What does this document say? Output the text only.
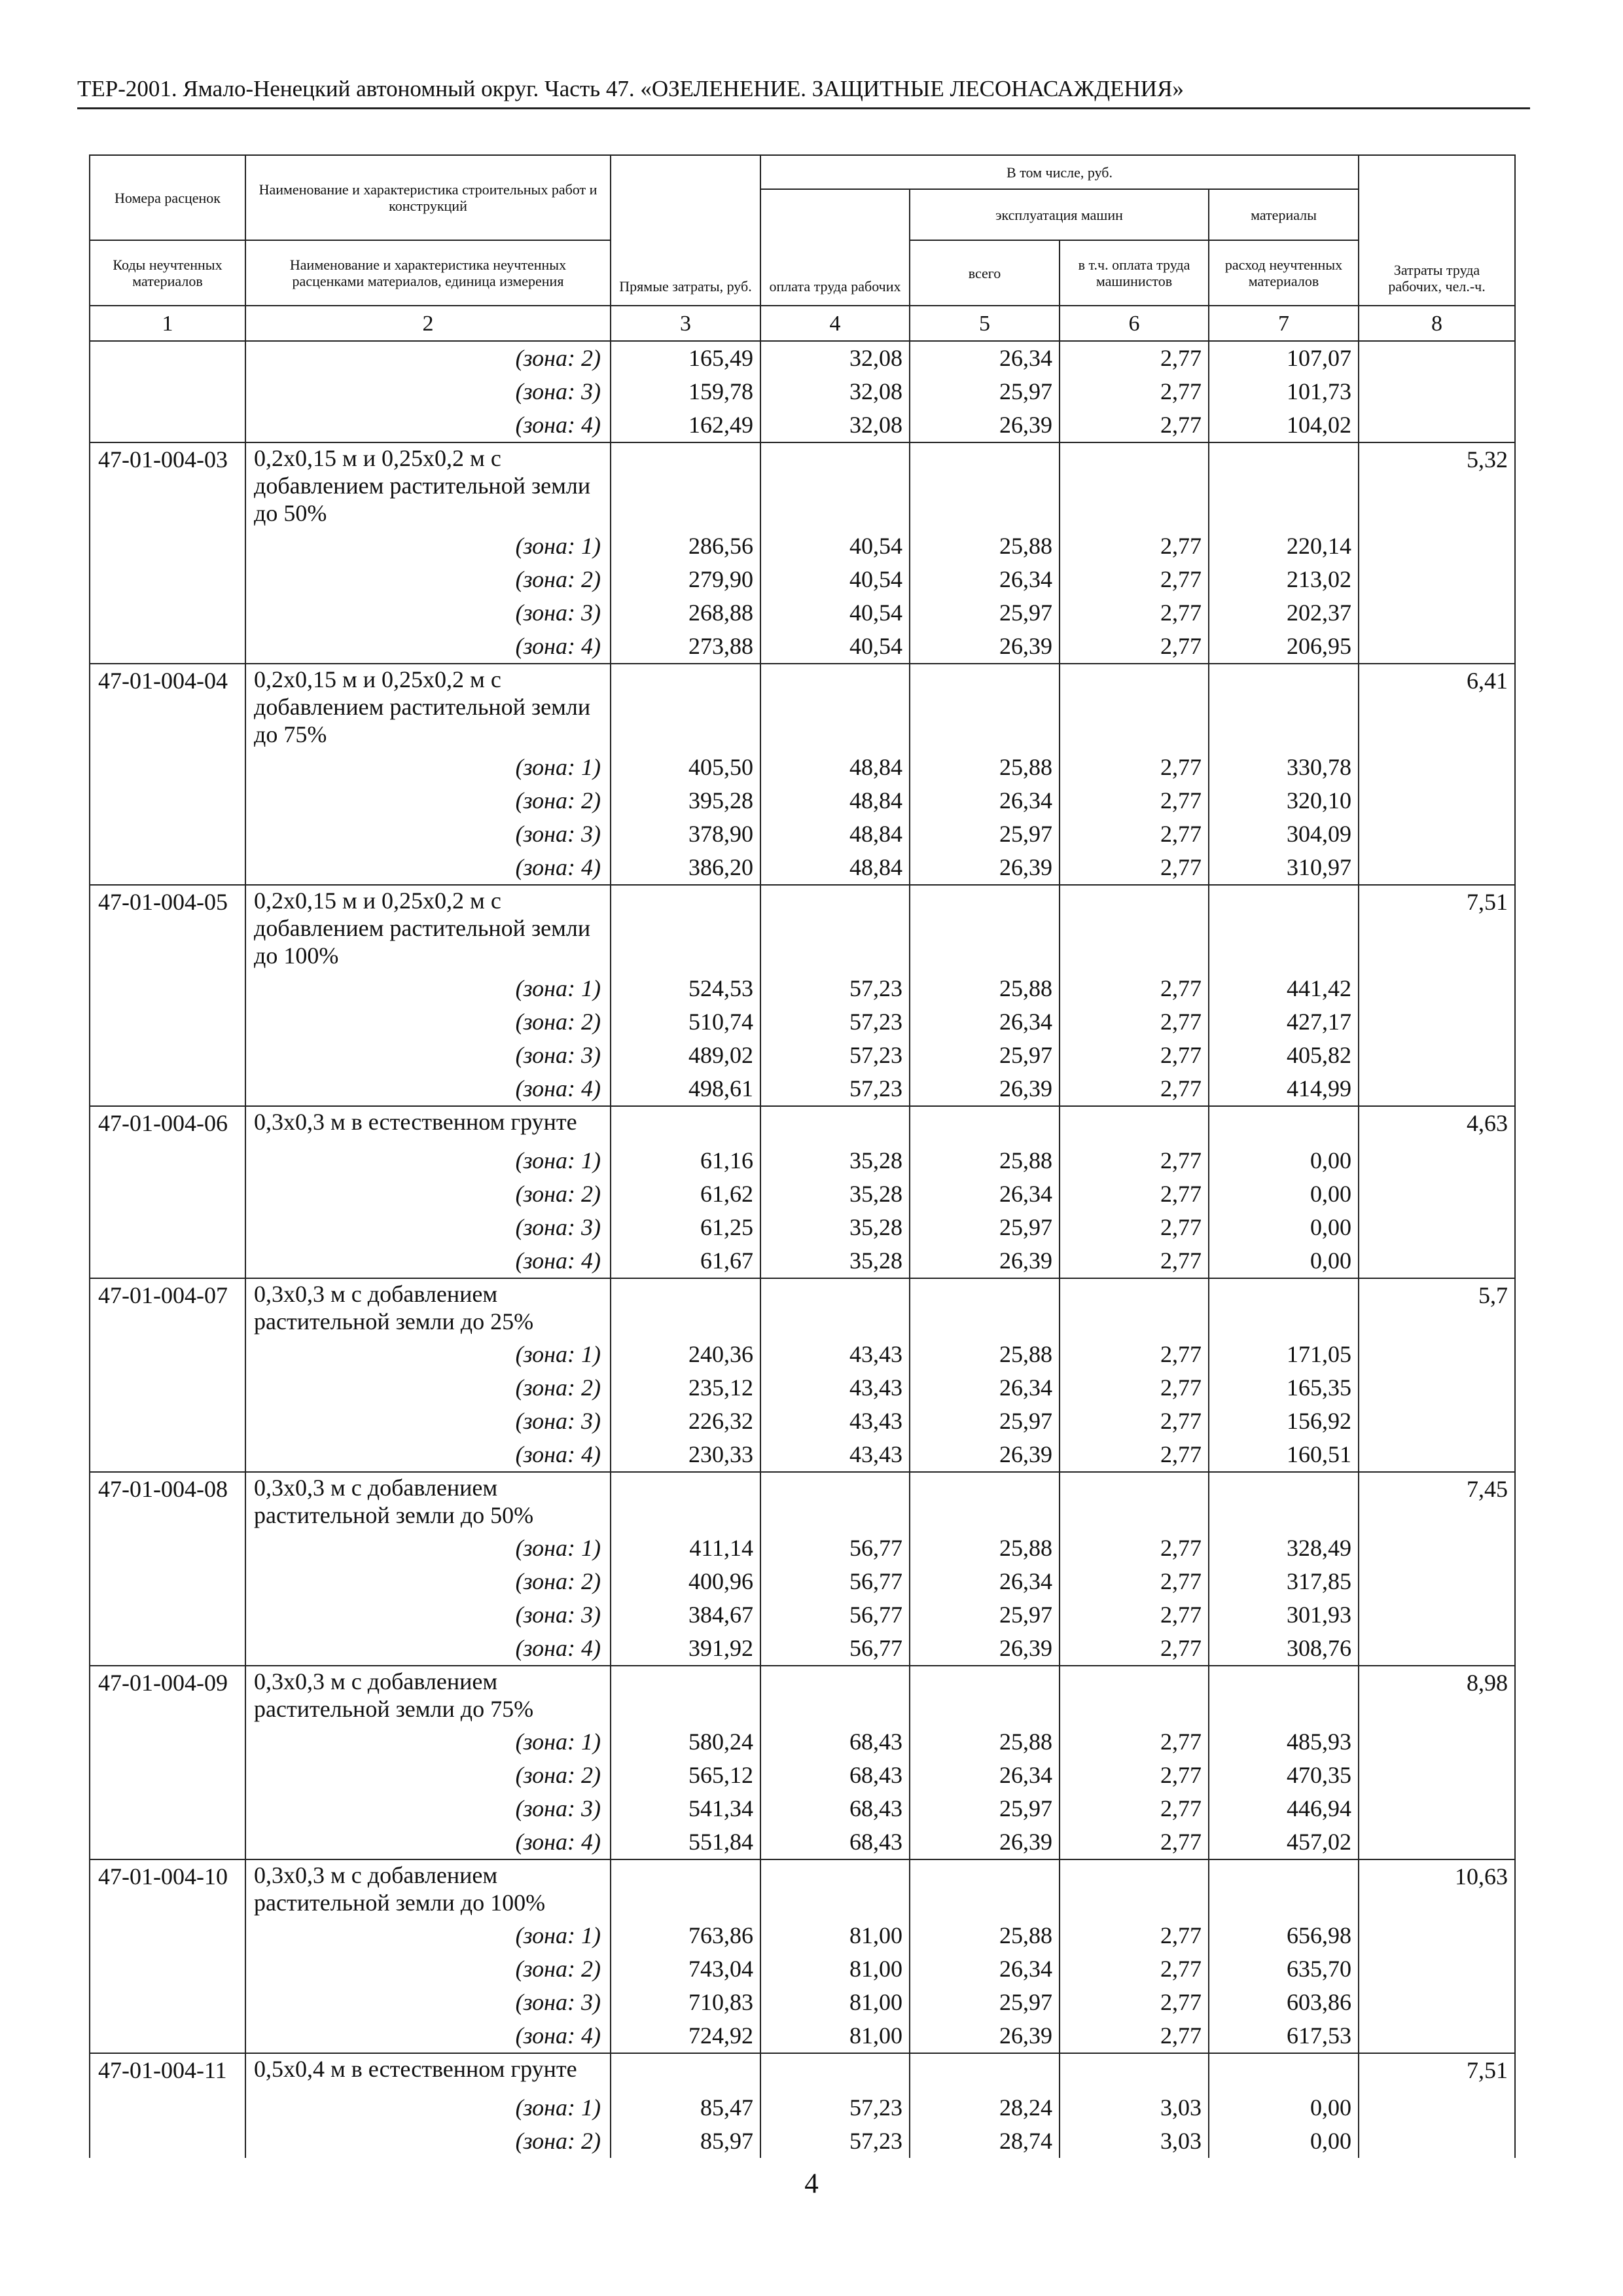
ТЕР-2001. Ямало-Ненецкий автономный округ. Часть 47. «ОЗЕЛЕНЕНИЕ. ЗАЩИТНЫЕ ЛЕСОНАСАЖДЕНИЯ»
Номера расценок	Наименование и характеристика строительных работ и конструкций	Прямые затраты, руб.	В том числе, руб.				Затраты труда рабочих, чел.-ч.
			оплата труда рабочих	эксплуатация машин		материалы	
Коды неучтенных материалов	Наименование и характеристика неучтенных расценками материалов, единица измерения			всего	в т.ч. оплата труда машинистов	расход неучтенных материалов	
1	2	3	4	5	6	7	8
	(зона: 2)	165,49	32,08	26,34	2,77	107,07	
	(зона: 3)	159,78	32,08	25,97	2,77	101,73	
	(зона: 4)	162,49	32,08	26,39	2,77	104,02	
47-01-004-03	0,2x0,15 м и 0,25x0,2 м с добавлением растительной земли до 50%						5,32
	(зона: 1)	286,56	40,54	25,88	2,77	220,14	
	(зона: 2)	279,90	40,54	26,34	2,77	213,02	
	(зона: 3)	268,88	40,54	25,97	2,77	202,37	
	(зона: 4)	273,88	40,54	26,39	2,77	206,95	
47-01-004-04	0,2x0,15 м и 0,25x0,2 м с добавлением растительной земли до 75%						6,41
	(зона: 1)	405,50	48,84	25,88	2,77	330,78	
	(зона: 2)	395,28	48,84	26,34	2,77	320,10	
	(зона: 3)	378,90	48,84	25,97	2,77	304,09	
	(зона: 4)	386,20	48,84	26,39	2,77	310,97	
47-01-004-05	0,2x0,15 м и 0,25x0,2 м с добавлением растительной земли до 100%						7,51
	(зона: 1)	524,53	57,23	25,88	2,77	441,42	
	(зона: 2)	510,74	57,23	26,34	2,77	427,17	
	(зона: 3)	489,02	57,23	25,97	2,77	405,82	
	(зона: 4)	498,61	57,23	26,39	2,77	414,99	
47-01-004-06	0,3x0,3 м в естественном грунте						4,63
	(зона: 1)	61,16	35,28	25,88	2,77	0,00	
	(зона: 2)	61,62	35,28	26,34	2,77	0,00	
	(зона: 3)	61,25	35,28	25,97	2,77	0,00	
	(зона: 4)	61,67	35,28	26,39	2,77	0,00	
47-01-004-07	0,3x0,3 м с добавлением растительной земли до 25%						5,7
	(зона: 1)	240,36	43,43	25,88	2,77	171,05	
	(зона: 2)	235,12	43,43	26,34	2,77	165,35	
	(зона: 3)	226,32	43,43	25,97	2,77	156,92	
	(зона: 4)	230,33	43,43	26,39	2,77	160,51	
47-01-004-08	0,3x0,3 м с добавлением растительной земли до 50%						7,45
	(зона: 1)	411,14	56,77	25,88	2,77	328,49	
	(зона: 2)	400,96	56,77	26,34	2,77	317,85	
	(зона: 3)	384,67	56,77	25,97	2,77	301,93	
	(зона: 4)	391,92	56,77	26,39	2,77	308,76	
47-01-004-09	0,3x0,3 м с добавлением растительной земли до 75%						8,98
	(зона: 1)	580,24	68,43	25,88	2,77	485,93	
	(зона: 2)	565,12	68,43	26,34	2,77	470,35	
	(зона: 3)	541,34	68,43	25,97	2,77	446,94	
	(зона: 4)	551,84	68,43	26,39	2,77	457,02	
47-01-004-10	0,3x0,3 м с добавлением растительной земли до 100%						10,63
	(зона: 1)	763,86	81,00	25,88	2,77	656,98	
	(зона: 2)	743,04	81,00	26,34	2,77	635,70	
	(зона: 3)	710,83	81,00	25,97	2,77	603,86	
	(зона: 4)	724,92	81,00	26,39	2,77	617,53	
47-01-004-11	0,5x0,4 м в естественном грунте						7,51
	(зона: 1)	85,47	57,23	28,24	3,03	0,00	
	(зона: 2)	85,97	57,23	28,74	3,03	0,00	
4
